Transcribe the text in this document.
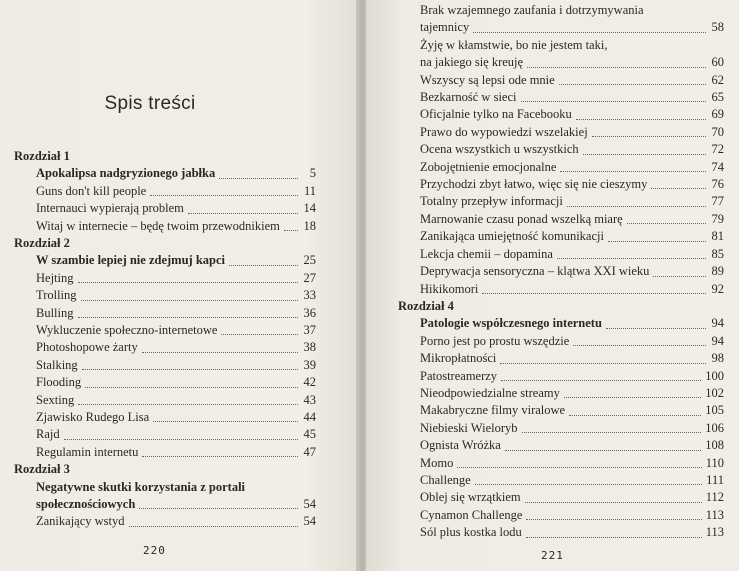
Spis treści
Rozdział 1
Apokalipsa nadgryzionego jabłka	5
Guns don't kill people	11
Internauci wypierają problem	14
Witaj w internecie – będę twoim przewodnikiem 18
Rozdział 2
W szambie lepiej nie zdejmuj kapci	25
Hejting	27
Trolling	33
Bulling	36
Wykluczenie społeczno-internetowe	37
Photoshopowe żarty	38
Stalking	39
Flooding	42
Sexting	43
Zjawisko Rudego Lisa	44
Rajd	45
Regulamin internetu	47
Rozdział 3
Negatywne skutki korzystania z portali
społecznościowych	54
Zanikający wstyd	54
220
Brak wzajemnego zaufania i dotrzymywania
tajemnicy	58
Żyję w kłamstwie, bo nie jestem taki,
na jakiego się kreuję	60
Wszyscy są lepsi ode mnie	62
Bezkarność w sieci	65
Oficjalnie tylko na Facebooku	69
Prawo do wypowiedzi wszelakiej	70
Ocena wszystkich u wszystkich	72
Zobojętnienie emocjonalne	74
Przychodzi zbyt łatwo, więc się nie cieszymy	76
Totalny przepływ informacji	77
Marnowanie czasu ponad wszelką miarę	79
Zanikająca umiejętność komunikacji	81
Lekcja chemii – dopamina	85
Deprywacja sensoryczna – klątwa XXI wieku	89
Hikikomori	92
Rozdział 4
Patologie współczesnego internetu	94
Porno jest po prostu wszędzie	94
Mikropłatności	98
Patostreamerzy	100
Nieodpowiedzialne streamy	102
Makabryczne filmy viralowe	105
Niebieski Wieloryb	106
Ognista Wróżka	108
Momo	110
Challenge	111
Oblej się wrzątkiem	112
Cynamon Challenge	113
Sól plus kostka lodu	113
221
